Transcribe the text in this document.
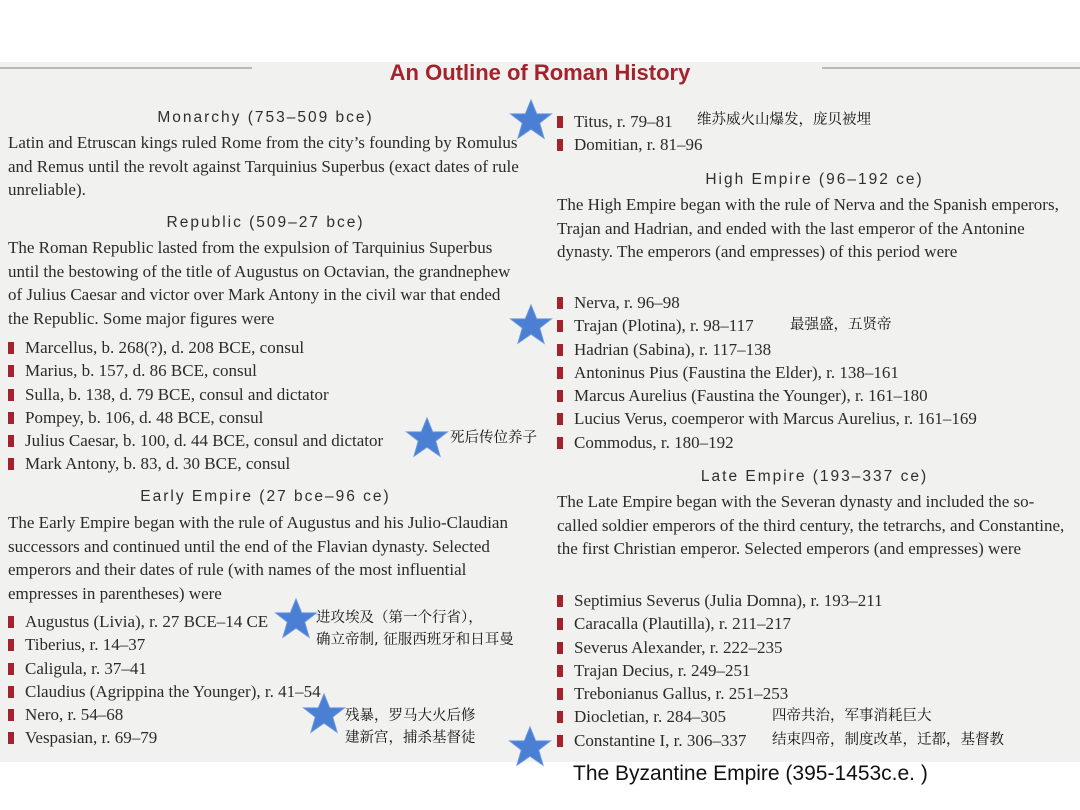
An Outline of Roman History
Monarchy (753–509 bce)
Latin and Etruscan kings ruled Rome from the city’s founding by Romulus and Remus until the revolt against Tarquinius Superbus (exact dates of rule unreliable).
Republic (509–27 bce)
The Roman Republic lasted from the expulsion of Tarquinius Superbus until the bestowing of the title of Augustus on Octavian, the grandnephew of Julius Caesar and victor over Mark Antony in the civil war that ended the Republic. Some major figures were
Marcellus, b. 268(?), d. 208 BCE, consul
Marius, b. 157, d. 86 BCE, consul
Sulla, b. 138, d. 79 BCE, consul and dictator
Pompey, b. 106, d. 48 BCE, consul
Julius Caesar, b. 100, d. 44 BCE, consul and dictator
Mark Antony, b. 83, d. 30 BCE, consul
Early Empire (27 bce–96 ce)
The Early Empire began with the rule of Augustus and his Julio-Claudian successors and continued until the end of the Flavian dynasty. Selected emperors and their dates of rule (with names of the most influential empresses in parentheses) were
Augustus (Livia), r. 27 BCE–14 CE
Tiberius, r. 14–37
Caligula, r. 37–41
Claudius (Agrippina the Younger), r. 41–54
Nero, r. 54–68
Vespasian, r. 69–79
Titus, r. 79–81
Domitian, r. 81–96
High Empire (96–192 ce)
The High Empire began with the rule of Nerva and the Spanish emperors, Trajan and Hadrian, and ended with the last emperor of the Antonine dynasty. The emperors (and empresses) of this period were
Nerva, r. 96–98
Trajan (Plotina), r. 98–117
Hadrian (Sabina), r. 117–138
Antoninus Pius (Faustina the Elder), r. 138–161
Marcus Aurelius (Faustina the Younger), r. 161–180
Lucius Verus, coemperor with Marcus Aurelius, r. 161–169
Commodus, r. 180–192
Late Empire (193–337 ce)
The Late Empire began with the Severan dynasty and included the so-called soldier emperors of the third century, the tetrarchs, and Constantine, the first Christian emperor. Selected emperors (and empresses) were
Septimius Severus (Julia Domna), r. 193–211
Caracalla (Plautilla), r. 211–217
Severus Alexander, r. 222–235
Trajan Decius, r. 249–251
Trebonianus Gallus, r. 251–253
Diocletian, r. 284–305
Constantine I, r. 306–337
维苏威火山爆发，庞贝被埋
最强盛，五贤帝
死后传位养子
进攻埃及（第一个行省），
确立帝制, 征服西班牙和日耳曼
残暴，罗马大火后修
建新宫，捕杀基督徒
四帝共治，军事消耗巨大
结束四帝，制度改革，迁都，基督教
The Byzantine Empire (395-1453c.e. )
